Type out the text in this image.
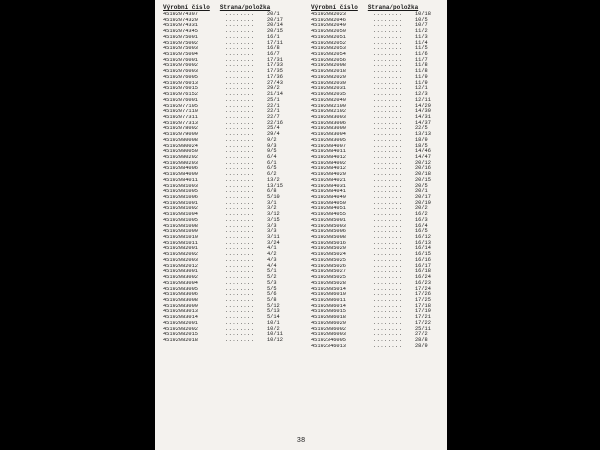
Výrobní číslo Strana/položka
45192074307	........	20/1
45192074329	........	20/17
45192074331	........	20/14
45192074345	........	20/15
45192075001	........	16/1
45192075002	........	17/11
45192075003	........	16/8
45192075004	........	16/7
45192076001	........	17/31
45192076002	........	17/33
45192076003	........	17/35
45192076005	........	17/36
45192076013	........	27/43
45192076015	........	29/2
45192076152	........	21/14
45192076001	........	25/1
45192077105	........	22/1
45192077110	........	22/1
45192077311	........	22/7
45192077313	........	22/16
45192078002	........	25/4
45192079009	........	29/4
45192080008	........	9/2
45192080024	........	9/3
45192080050	........	9/5
45192080202	........	6/4
45192080203	........	6/1
45192084006	........	6/5
45192084009	........	6/2
45192084011	........	13/2
45192081003	........	13/15
45192081005	........	6/8
45192081006	........	5/10
45192081001	........	3/1
45192081002	........	3/2
45192081004	........	3/12
45192081005	........	3/15
45192081008	........	3/3
45192081009	........	3/3
45192081010	........	3/11
45192081011	........	3/24
45192082001	........	4/1
45192082002	........	4/2
45192082003	........	4/3
45192082012	........	4/4
45192083001	........	5/1
45192083002	........	5/2
45192083004	........	5/3
45192083005	........	5/5
45192083006	........	5/6
45192083008	........	5/8
45192083009	........	5/12
45192083013	........	5/13
45192083014	........	5/14
45192082001	........	10/1
45192082002	........	10/2
45192082015	........	10/11
45192082018	........	10/12
Výrobní číslo Strana/položka
45192082023	........	10/18
45192082046	........	10/5
45192082049	........	10/7
45192082050	........	11/2
45192082051	........	11/3
45192082052	........	11/4
45192082053	........	11/5
45192082054	........	11/6
45192082056	........	11/7
45192082008	........	11/8
45192082018	........	11/8
45192082020	........	11/9
45192082030	........	11/9
45192082031	........	12/1
45192082035	........	12/3
45192082040	........	12/11
45192082100	........	14/29
45192082102	........	14/30
45192083003	........	14/31
45192083006	........	14/37
45192083000	........	22/5
45192083004	........	13/13
45192083005	........	18/9
45192084007	........	18/5
45192084011	........	14/46
45192084012	........	14/47
45192084002	........	20/12
45192084012	........	20/16
45192084020	........	20/18
45192084021	........	20/15
45192084031	........	20/5
45192084041	........	20/1
45192084049	........	20/17
45192084050	........	20/19
45192084051	........	20/2
45192084055	........	16/2
45192085001	........	16/3
45192085003	........	16/4
45192085006	........	16/5
45192085008	........	16/12
45192085016	........	16/13
45192085020	........	16/14
45192085024	........	16/15
45192085025	........	16/16
45192085026	........	16/17
45192085027	........	16/18
45192085025	........	16/24
45192085028	........	16/23
45192085014	........	17/24
45192086010	........	17/26
45192086011	........	17/25
45192086014	........	17/18
45192086015	........	17/19
45192086018	........	17/21
45192086020	........	17/22
45192086002	........	25/11
45192086003	........	27/2
45192346005	........	28/8
45192346013	........	28/9
38
